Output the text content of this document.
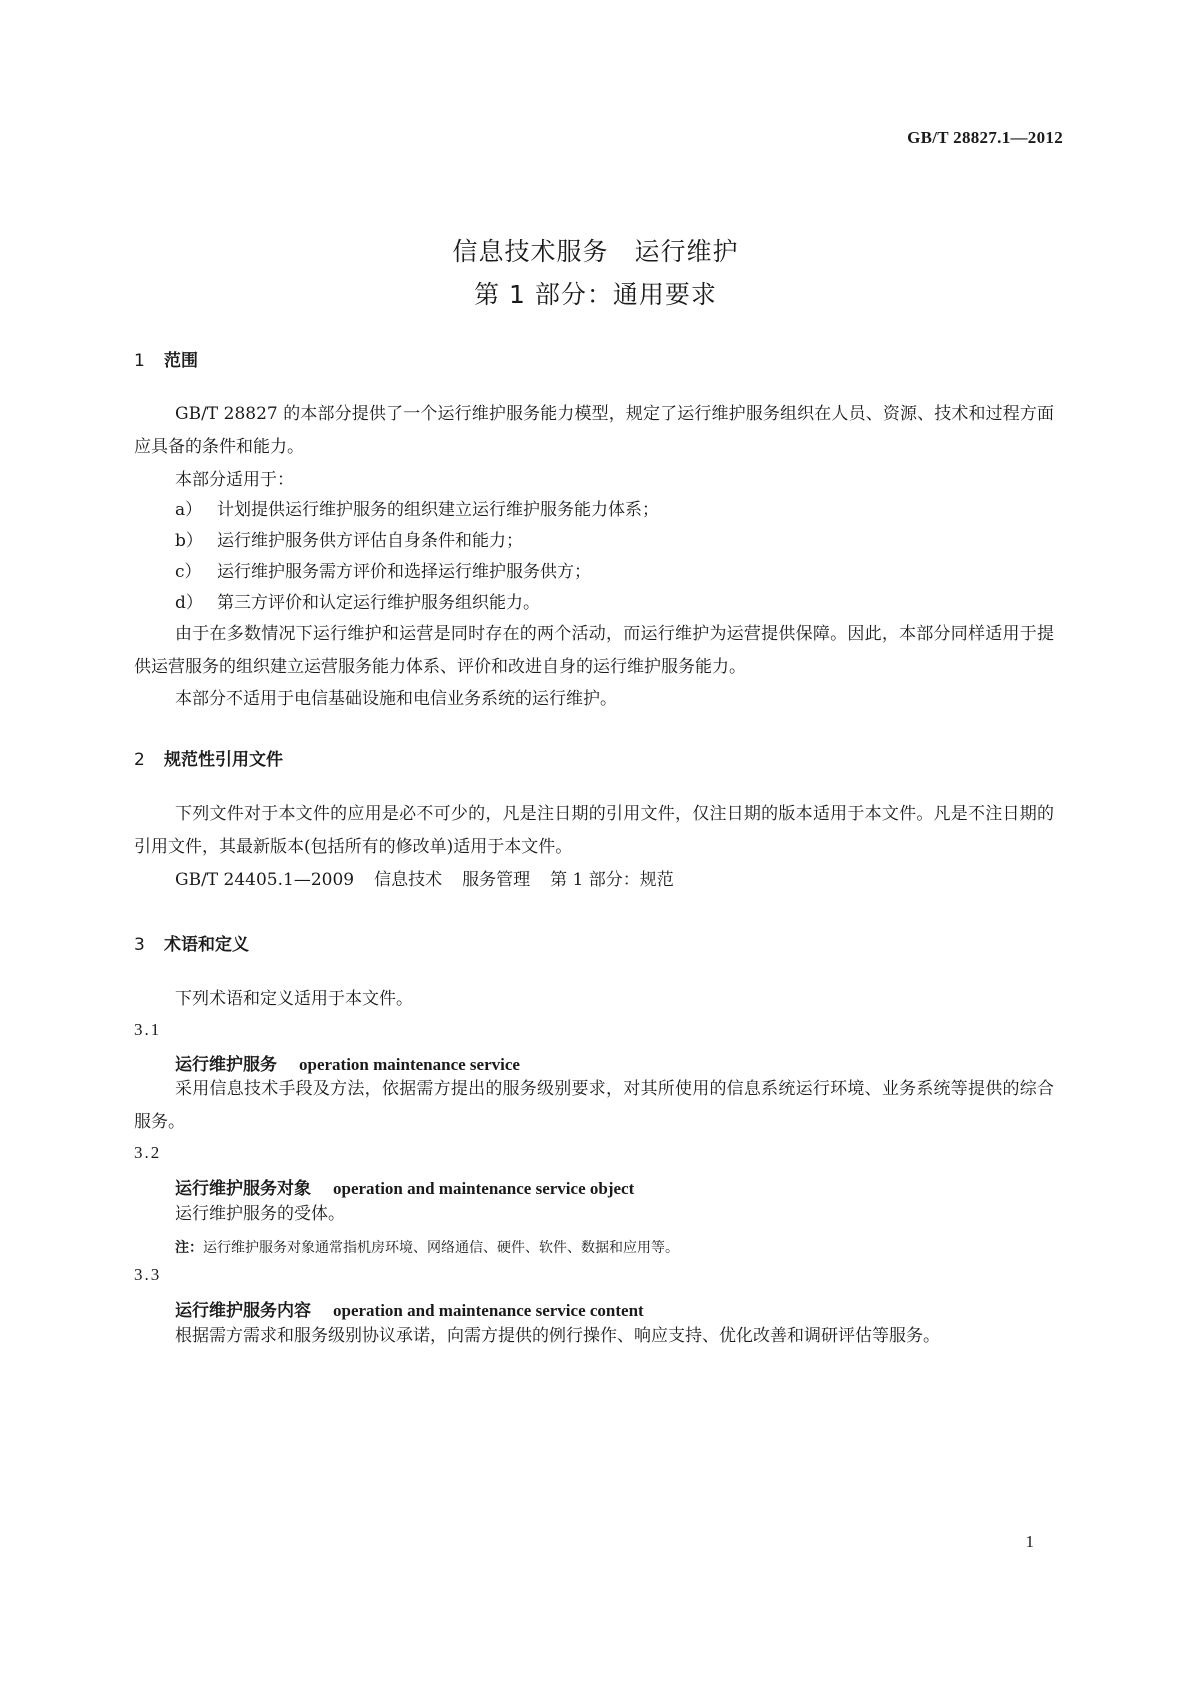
GB/T 28827.1—2012
信息技术服务　运行维护
第 1 部分：通用要求
1 范围
GB/T 28827 的本部分提供了一个运行维护服务能力模型，规定了运行维护服务组织在人员、资源、技术和过程方面应具备的条件和能力。
本部分适用于：
a） 计划提供运行维护服务的组织建立运行维护服务能力体系；
b） 运行维护服务供方评估自身条件和能力；
c） 运行维护服务需方评价和选择运行维护服务供方；
d） 第三方评价和认定运行维护服务组织能力。
由于在多数情况下运行维护和运营是同时存在的两个活动，而运行维护为运营提供保障。因此，本部分同样适用于提供运营服务的组织建立运营服务能力体系、评价和改进自身的运行维护服务能力。
本部分不适用于电信基础设施和电信业务系统的运行维护。
2 规范性引用文件
下列文件对于本文件的应用是必不可少的，凡是注日期的引用文件，仅注日期的版本适用于本文件。凡是不注日期的引用文件，其最新版本(包括所有的修改单)适用于本文件。
GB/T 24405.1—2009 信息技术 服务管理 第 1 部分：规范
3 术语和定义
下列术语和定义适用于本文件。
3.1
运行维护服务 operation maintenance service
采用信息技术手段及方法，依据需方提出的服务级别要求，对其所使用的信息系统运行环境、业务系统等提供的综合服务。
3.2
运行维护服务对象 operation and maintenance service object
运行维护服务的受体。
注：运行维护服务对象通常指机房环境、网络通信、硬件、软件、数据和应用等。
3.3
运行维护服务内容 operation and maintenance service content
根据需方需求和服务级别协议承诺，向需方提供的例行操作、响应支持、优化改善和调研评估等服务。
1
